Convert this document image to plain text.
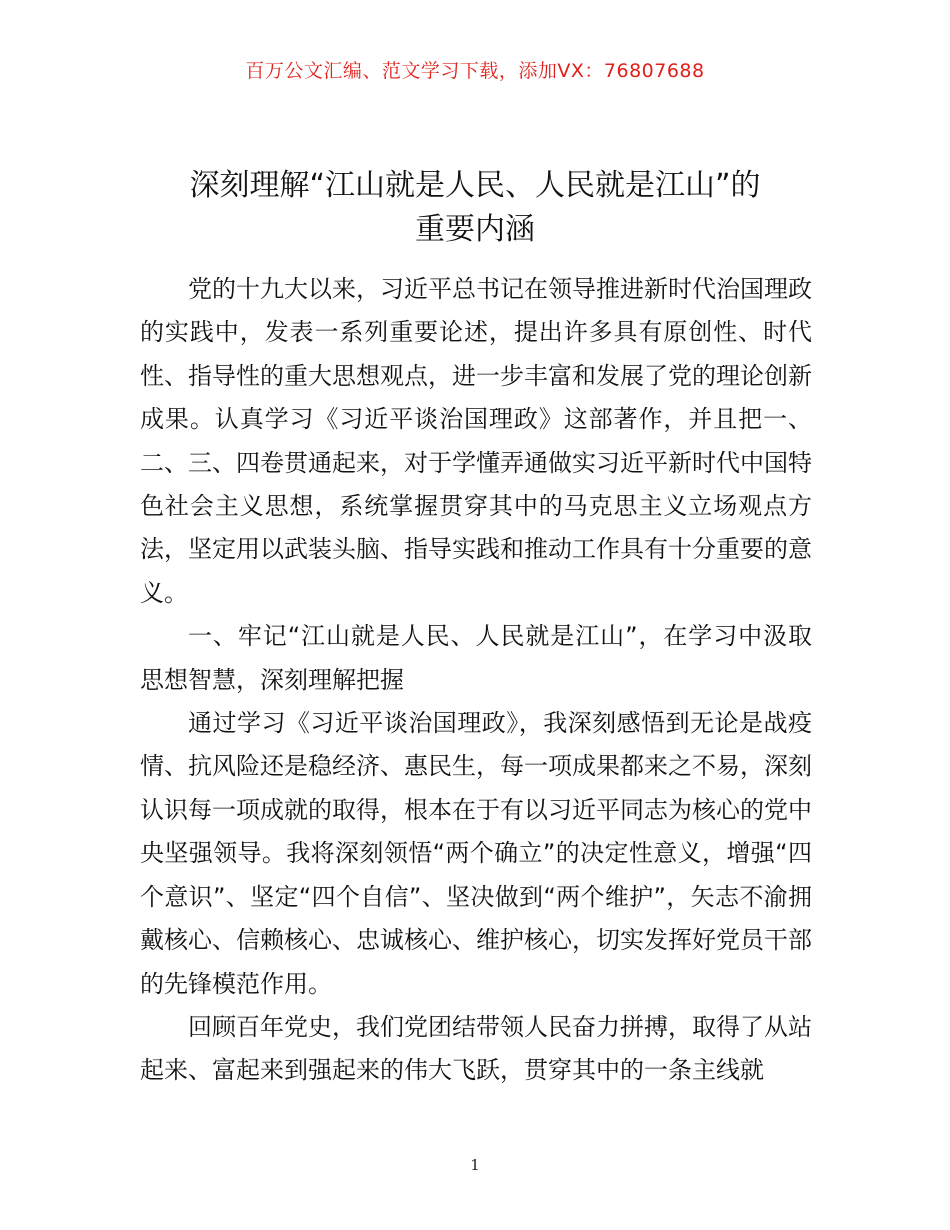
百万公文汇编、范文学习下载，添加VX：76807688
深刻理解“江山就是人民、人民就是江山”的
重要内涵

党的十九大以来，习近平总书记在领导推进新时代治国理政的实践中，发表一系列重要论述，提出许多具有原创性、时代性、指导性的重大思想观点，进一步丰富和发展了党的理论创新成果。认真学习《习近平谈治国理政》这部著作，并且把一、二、三、四卷贯通起来，对于学懂弄通做实习近平新时代中国特色社会主义思想，系统掌握贯穿其中的马克思主义立场观点方法，坚定用以武装头脑、指导实践和推动工作具有十分重要的意义。

一、牢记“江山就是人民、人民就是江山”，在学习中汲取思想智慧，深刻理解把握

通过学习《习近平谈治国理政》，我深刻感悟到无论是战疫情、抗风险还是稳经济、惠民生，每一项成果都来之不易，深刻认识每一项成就的取得，根本在于有以习近平同志为核心的党中央坚强领导。我将深刻领悟“两个确立”的决定性意义，增强“四个意识”、坚定“四个自信”、坚决做到“两个维护”，矢志不渝拥戴核心、信赖核心、忠诚核心、维护核心，切实发挥好党员干部的先锋模范作用。

回顾百年党史，我们党团结带领人民奋力拼搏，取得了从站起来、富起来到强起来的伟大飞跃，贯穿其中的一条主线就

1
